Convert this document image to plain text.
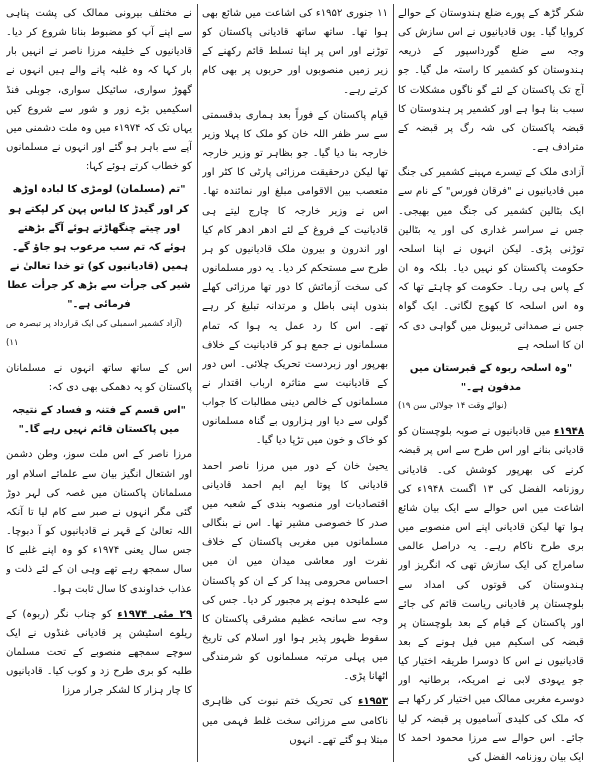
شکر گڑھ کے پورے ضلع ہندوستان کے حوالے کروایا گیا۔ یوں قادیانیوں نے اس سازش کی وجہ سے ضلع گورداسپور کے ذریعہ ہندوستان کو کشمیر کا راستہ مل گیا۔ جو آج تک پاکستان کے لئے گو ناگوں مشکلات کا سبب بنا ہوا ہے اور کشمیر پر ہندوستان کا قبضہ پاکستان کی شہ رگ پر قبضہ کے مترادف ہے۔

آزادی ملک کے تیسرے مہینے کشمیر کی جنگ میں قادیانیوں نے "فرقان فورس" کے نام سے ایک بٹالین کشمیر کی جنگ میں بھیجی۔ جس نے سراسر غداری کی اور یہ بٹالین توڑنی پڑی۔ لیکن انہوں نے اپنا اسلحہ حکومت پاکستان کو نہیں دیا۔ بلکہ وہ ان کے پاس ہی رہا۔ حکومت کو چاہئے تھا کہ وہ اس اسلحہ کا کھوج لگاتی۔ ایک گواہ جس نے صمدانی ٹریبونل میں گواہی دی کہ ان کا اسلحہ ہے

"وہ اسلحہ ربوہ کے قبرستان میں مدفون ہے۔"

(نوائے وقت ۱۴ جولائی سن ۱۹)

۱۹۴۸ء میں قادیانیوں نے صوبہ بلوچستان کو قادیانی بنانے اور اس طرح سے اس پر قبضہ کرنے کی بھرپور کوشش کی۔ قادیانی روزنامہ الفضل کی ۱۳ اگست ۱۹۴۸ء کی اشاعت میں اس حوالے سے ایک بیان شائع ہوا تھا لیکن قادیانی اپنے اس منصوبے میں بری طرح ناکام رہے۔ یہ دراصل عالمی سامراج کی ایک سازش تھی کہ انگریز اور ہندوستان کی قوتوں کی امداد سے بلوچستان پر قادیانی ریاست قائم کی جائے اور پاکستان کے قیام کے بعد بلوچستان پر قبضہ کی اسکیم میں فیل ہونے کے بعد قادیانیوں نے اس کا دوسرا طریقہ اختیار کیا جو یہودی لابی نے امریکہ، برطانیہ اور دوسرے مغربی ممالک میں اختیار کر رکھا ہے کہ ملک کی کلیدی آسامیوں پر قبضہ کر لیا جائے۔ اس حوالے سے مرزا محمود احمد کا ایک بیان روزنامہ الفضل کی

۱۱ جنوری ۱۹۵۲ء کی اشاعت میں شائع بھی ہوا تھا۔ ساتھ ساتھ قادیانی پاکستان کو توڑنے اور اس پر اپنا تسلط قائم رکھنے کے زیر زمیں منصوبوں اور حربوں پر بھی کام کرتے رہے۔

قیام پاکستان کے فوراً بعد ہماری بدقسمتی سے سر ظفر اللہ خان کو ملک کا پہلا وزیر خارجہ بنا دیا گیا۔ جو بظاہر تو وزیر خارجہ تھا لیکن درحقیقت مرزائی پارٹی کا کٹر اور متعصب بین الاقوامی مبلغ اور نمائندہ تھا۔ اس نے وزیر خارجہ کا چارج لیتے ہی قادیانیت کے فروغ کے لئے ادھر ادھر کام کیا اور اندرون و بیرون ملک قادیانیوں کو ہر طرح سے مستحکم کر دیا۔ یہ دور مسلمانوں کی سخت آزمائش کا دور تھا مرزائی کھلے بندوں اپنی باطل و مرتدانہ تبلیغ کر رہے تھے۔ اس کا رد عمل یہ ہوا کہ تمام مسلمانوں نے جمع ہو کر قادیانیت کے خلاف بھرپور اور زبردست تحریک چلائی۔ اس دور کے قادیانیت سے متاثرہ ارباب اقتدار نے مسلمانوں کے خالص دینی مطالبات کا جواب گولی سے دیا اور ہزاروں بے گناہ مسلمانوں کو خاک و خون میں تڑپا دیا گیا۔

یحییٰ خان کے دور میں مرزا ناصر احمد قادیانی کا پوتا ایم ایم احمد قادیانی اقتصادیات اور منصوبہ بندی کے شعبہ میں صدر کا خصوصی مشیر تھا۔ اس نے بنگالی مسلمانوں میں مغربی پاکستان کے خلاف نفرت اور معاشی میدان میں ان میں احساس محرومی پیدا کر کے ان کو پاکستان سے علیحدہ ہونے پر مجبور کر دیا۔ جس کی وجہ سے سانحہ عظیم مشرقی پاکستان کا سقوط ظہور پذیر ہوا اور اسلام کی تاریخ میں پہلی مرتبہ مسلمانوں کو شرمندگی اٹھانا پڑی۔

۱۹۵۳ء کی تحریک ختم نبوت کی ظاہری ناکامی سے مرزائی سخت غلط فہمی میں مبتلا ہو گئے تھے۔ انہوں

نے مختلف بیرونی ممالک کی پشت پناہی سے اپنے آپ کو مضبوط بنانا شروع کر دیا۔ قادیانیوں کے خلیفہ مرزا ناصر نے انہیں بار بار کہا کہ وہ غلبہ پانے والے ہیں انہوں نے گھوڑ سواری، سائیکل سواری، جوبلی فنڈ اسکیمیں بڑے زور و شور سے شروع کیں یہاں تک کہ ۱۹۷۴ء میں وہ ملت دشمنی میں آپے سے باہر ہو گئے اور انہوں نے مسلمانوں کو خطاب کرتے ہوئے کہا:

"تم (مسلمان) لومڑی کا لبادہ اوڑھ کر اور گیدڑ کا لباس پہن کر لپکتے ہو اور چیتے چنگھاڑتے ہوئے آگے بڑھتے ہوئے کہ تم سب مرعوب ہو جاؤ گے۔ ہمیں (قادیانیوں کو) تو خدا تعالیٰ نے شیر کی جرأت سے بڑھ کر جرأت عطا فرمائی ہے۔"

(آزاد کشمیر اسمبلی کی ایک قرارداد پر تبصرہ ص ۱۱)

اس کے ساتھ ساتھ انہوں نے مسلمانان پاکستان کو یہ دھمکی بھی دی کہ:

"اس قسم کے فتنہ و فساد کے نتیجہ میں پاکستان قائم نہیں رہے گا۔"

مرزا ناصر کے اس ملت سوز، وطن دشمن اور اشتعال انگیز بیان سے علمائے اسلام اور مسلمانان پاکستان میں غصہ کی لہر دوڑ گئی مگر انہوں نے صبر سے کام لیا تا آنکہ اللہ تعالیٰ کے قہر نے قادیانیوں کو آ دبوچا۔ جس سال یعنی ۱۹۷۴ء کو وہ اپنے غلبے کا سال سمجھ رہے تھے وہی ان کے لئے ذلت و عذاب خداوندی کا سال ثابت ہوا۔

۲۹ مئی ۱۹۷۴ء کو چناب نگر (ربوہ) کے ریلوے اسٹیشن پر قادیانی غنڈوں نے ایک سوچے سمجھے منصوبے کے تحت مسلمان طلبہ کو بری طرح زد و کوب کیا۔ قادیانیوں کا چار ہزار کا لشکر جرار مرزا
